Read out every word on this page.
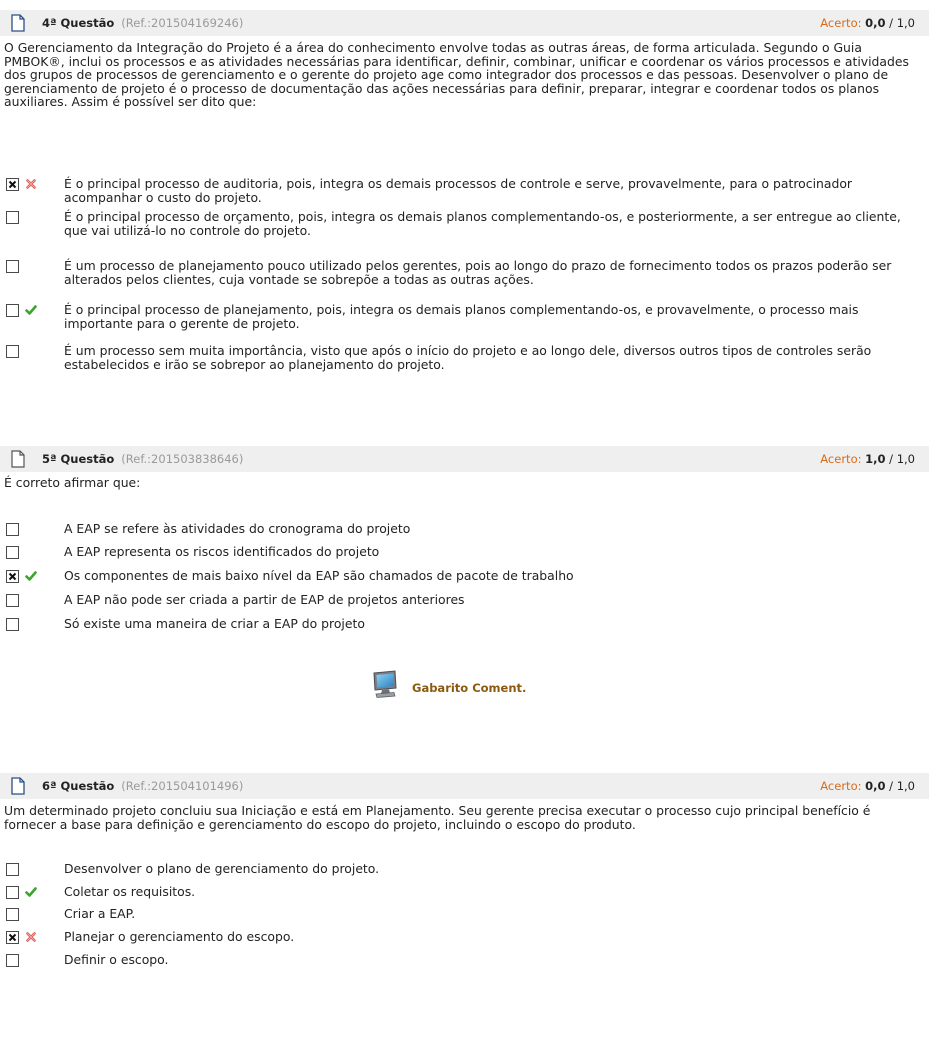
4ª Questão (Ref.:201504169246)	Acerto: 0,0 / 1,0
O Gerenciamento da Integração do Projeto é a área do conhecimento envolve todas as outras áreas, de forma articulada. Segundo o Guia PMBOK®, inclui os processos e as atividades necessárias para identificar, definir, combinar, unificar e coordenar os vários processos e atividades dos grupos de processos de gerenciamento e o gerente do projeto age como integrador dos processos e das pessoas. Desenvolver o plano de gerenciamento de projeto é o processo de documentação das ações necessárias para definir, preparar, integrar e coordenar todos os planos auxiliares. Assim é possível ser dito que:
É o principal processo de auditoria, pois, integra os demais processos de controle e serve, provavelmente, para o patrocinador acompanhar o custo do projeto.
É o principal processo de orçamento, pois, integra os demais planos complementando-os, e posteriormente, a ser entregue ao cliente, que vai utilizá-lo no controle do projeto.
É um processo de planejamento pouco utilizado pelos gerentes, pois ao longo do prazo de fornecimento todos os prazos poderão ser alterados pelos clientes, cuja vontade se sobrepõe a todas as outras ações.
É o principal processo de planejamento, pois, integra os demais planos complementando-os, e provavelmente, o processo mais importante para o gerente de projeto.
É um processo sem muita importância, visto que após o início do projeto e ao longo dele, diversos outros tipos de controles serão estabelecidos e irão se sobrepor ao planejamento do projeto.
5ª Questão (Ref.:201503838646)	Acerto: 1,0 / 1,0
É correto afirmar que:
A EAP se refere às atividades do cronograma do projeto
A EAP representa os riscos identificados do projeto
Os componentes de mais baixo nível da EAP são chamados de pacote de trabalho
A EAP não pode ser criada a partir de EAP de projetos anteriores
Só existe uma maneira de criar a EAP do projeto
Gabarito Coment.
6ª Questão (Ref.:201504101496)	Acerto: 0,0 / 1,0
Um determinado projeto concluiu sua Iniciação e está em Planejamento. Seu gerente precisa executar o processo cujo principal benefício é fornecer a base para definição e gerenciamento do escopo do projeto, incluindo o escopo do produto.
Desenvolver o plano de gerenciamento do projeto.
Coletar os requisitos.
Criar a EAP.
Planejar o gerenciamento do escopo.
Definir o escopo.
